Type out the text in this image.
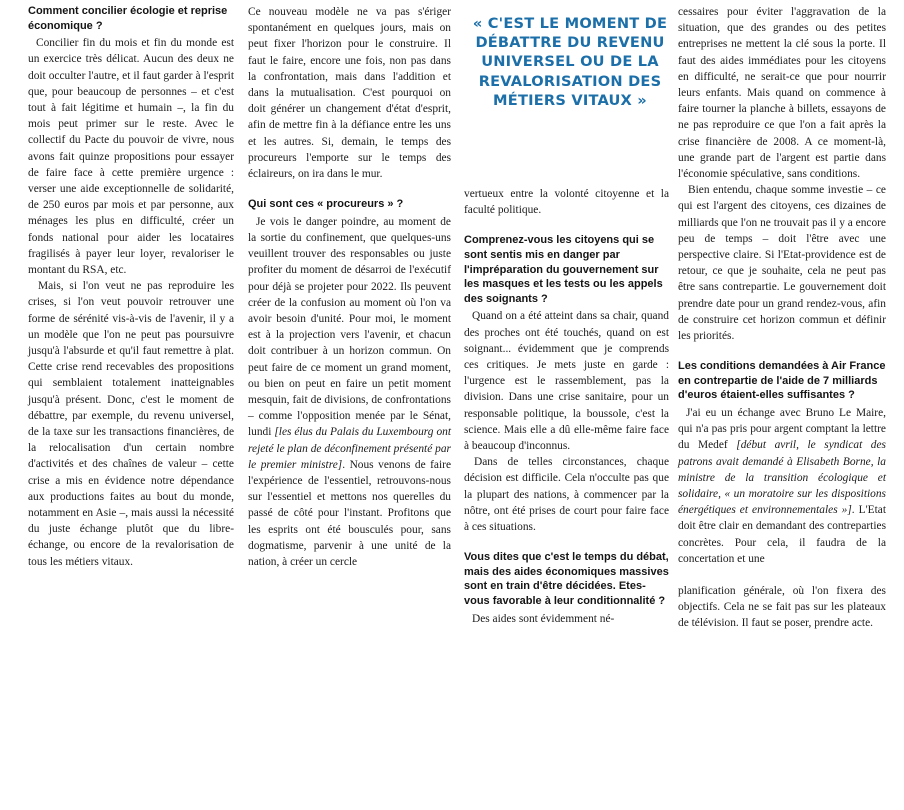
Comment concilier écologie et reprise économique ?

Concilier fin du mois et fin du monde est un exercice très délicat. Aucun des deux ne doit occulter l'autre, et il faut garder à l'esprit que, pour beaucoup de personnes – et c'est tout à fait légitime et humain –, la fin du mois peut primer sur le reste. Avec le collectif du Pacte du pouvoir de vivre, nous avons fait quinze propositions pour essayer de faire face à cette première urgence : verser une aide exceptionnelle de solidarité, de 250 euros par mois et par personne, aux ménages les plus en difficulté, créer un fonds national pour aider les locataires fragilisés à payer leur loyer, revaloriser le montant du RSA, etc.

Mais, si l'on veut ne pas reproduire les crises, si l'on veut pouvoir retrouver une forme de sérénité vis-à-vis de l'avenir, il y a un modèle que l'on ne peut pas poursuivre jusqu'à l'absurde et qu'il faut remettre à plat. Cette crise rend recevables des propositions qui semblaient totalement inatteignables jusqu'à présent. Donc, c'est le moment de débattre, par exemple, du revenu universel, de la taxe sur les transactions financières, de la relocalisation d'un certain nombre d'activités et des chaînes de valeur – cette crise a mis en évidence notre dépendance aux productions faites au bout du monde, notamment en Asie –, mais aussi la nécessité du juste échange plutôt que du libre-échange, ou encore de la revalorisation de tous les métiers vitaux.

Ce nouveau modèle ne va pas s'ériger spontanément en quelques jours, mais on peut fixer l'horizon pour le construire. Il faut le faire, encore une fois, non pas dans la confrontation, mais dans l'addition et dans la mutualisation. C'est pourquoi on doit générer un changement d'état d'esprit, afin de mettre fin à la défiance entre les uns et les autres. Si, demain, le temps des procureurs l'emporte sur le temps des éclaireurs, on ira dans le mur.

Qui sont ces « procureurs » ?

Je vois le danger poindre, au moment de la sortie du confinement, que quelques-uns veuillent trouver des responsables ou juste profiter du moment de désarroi de l'exécutif pour déjà se projeter pour 2022. Ils peuvent créer de la confusion au moment où l'on va avoir besoin d'unité. Pour moi, le moment est à la projection vers l'avenir, et chacun doit contribuer à un horizon commun. On peut faire de ce moment un grand moment, ou bien on peut en faire un petit moment mesquin, fait de divisions, de confrontations – comme l'opposition menée par le Sénat, lundi [les élus du Palais du Luxembourg ont rejeté le plan de déconfinement présenté par le premier ministre]. Nous venons de faire l'expérience de l'essentiel, retrouvons-nous sur l'essentiel et mettons nos querelles du passé de côté pour l'instant. Profitons que les esprits ont été bousculés pour, sans dogmatisme, parvenir à une unité de la nation, à créer un cercle

« C'EST LE MOMENT DE DÉBATTRE DU REVENU UNIVERSEL OU DE LA REVALORISATION DES MÉTIERS VITAUX »

vertueux entre la volonté citoyenne et la faculté politique.

Comprenez-vous les citoyens qui se sont sentis mis en danger par l'impréparation du gouvernement sur les masques et les tests ou les appels des soignants ?

Quand on a été atteint dans sa chair, quand des proches ont été touchés, quand on est soignant... évidemment que je comprends ces critiques. Je mets juste en garde : l'urgence est le rassemblement, pas la division. Dans une crise sanitaire, pour un responsable politique, la boussole, c'est la science. Mais elle a dû elle-même faire face à beaucoup d'inconnus.

Dans de telles circonstances, chaque décision est difficile. Cela n'occulte pas que la plupart des nations, à commencer par la nôtre, ont été prises de court pour faire face à ces situations.

Vous dites que c'est le temps du débat, mais des aides économiques massives sont en train d'être décidées. Etes-vous favorable à leur conditionnalité ?

Des aides sont évidemment né-

cessaires pour éviter l'aggravation de la situation, que des grandes ou des petites entreprises ne mettent la clé sous la porte. Il faut des aides immédiates pour les citoyens en difficulté, ne serait-ce que pour nourrir leurs enfants. Mais quand on commence à faire tourner la planche à billets, essayons de ne pas reproduire ce que l'on a fait après la crise financière de 2008. A ce moment-là, une grande part de l'argent est partie dans l'économie spéculative, sans conditions.

Bien entendu, chaque somme investie – ce qui est l'argent des citoyens, ces dizaines de milliards que l'on ne trouvait pas il y a encore peu de temps – doit l'être avec une perspective claire. Si l'Etat-providence est de retour, ce que je souhaite, cela ne peut pas être sans contrepartie. Le gouvernement doit prendre date pour un grand rendez-vous, afin de construire cet horizon commun et définir les priorités.

Les conditions demandées à Air France en contrepartie de l'aide de 7 milliards d'euros étaient-elles suffisantes ?

J'ai eu un échange avec Bruno Le Maire, qui n'a pas pris pour argent comptant la lettre du Medef [début avril, le syndicat des patrons avait demandé à Elisabeth Borne, la ministre de la transition écologique et solidaire, « un moratoire sur les dispositions énergétiques et environnementales »]. L'Etat doit être clair en demandant des contreparties concrètes. Pour cela, il faudra de la concertation et une

planification générale, où l'on fixera des objectifs. Cela ne se fait pas sur les plateaux de télévision. Il faut se poser, prendre acte.
